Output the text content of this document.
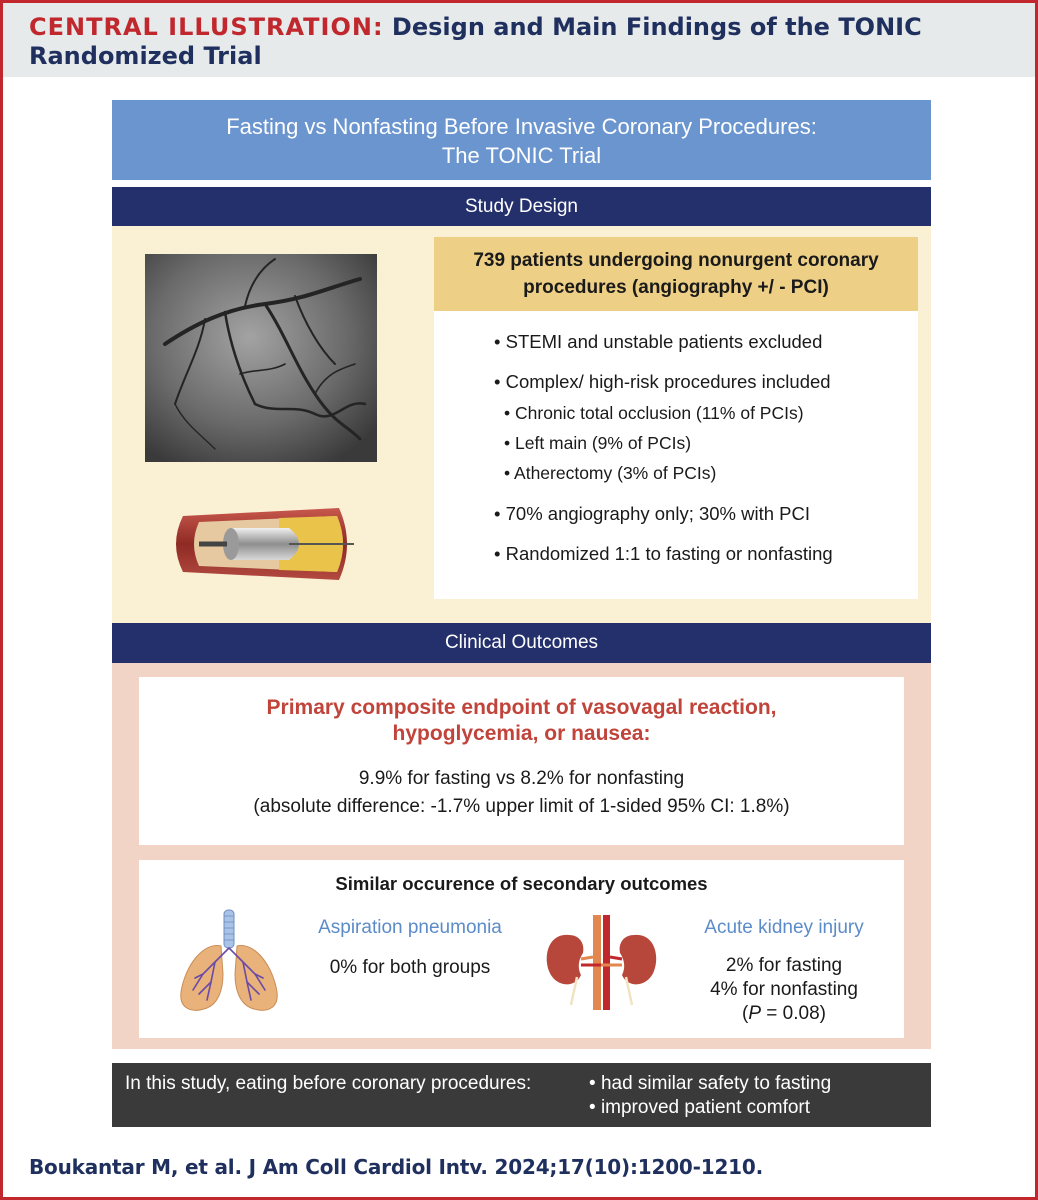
CENTRAL ILLUSTRATION: Design and Main Findings of the TONIC
Randomized Trial
Fasting vs Nonfasting Before Invasive Coronary Procedures:
The TONIC Trial
Study Design
739 patients undergoing nonurgent coronary
procedures (angiography +/ - PCI)
• STEMI and unstable patients excluded
• Complex/ high-risk procedures included
• Chronic total occlusion (11% of PCIs)
• Left main (9% of PCIs)
• Atherectomy (3% of PCIs)
• 70% angiography only; 30% with PCI
• Randomized 1:1 to fasting or nonfasting
Clinical Outcomes
Primary composite endpoint of vasovagal reaction,
hypoglycemia, or nausea:
9.9% for fasting vs 8.2% for nonfasting
(absolute difference: -1.7% upper limit of 1-sided 95% CI: 1.8%)
Similar occurence of secondary outcomes
Aspiration pneumonia
0% for both groups
Acute kidney injury
2% for fasting
4% for nonfasting
(P = 0.08)
In this study, eating before coronary procedures:	• had similar safety to fasting
• improved patient comfort
Boukantar M, et al. J Am Coll Cardiol Intv. 2024;17(10):1200-1210.
